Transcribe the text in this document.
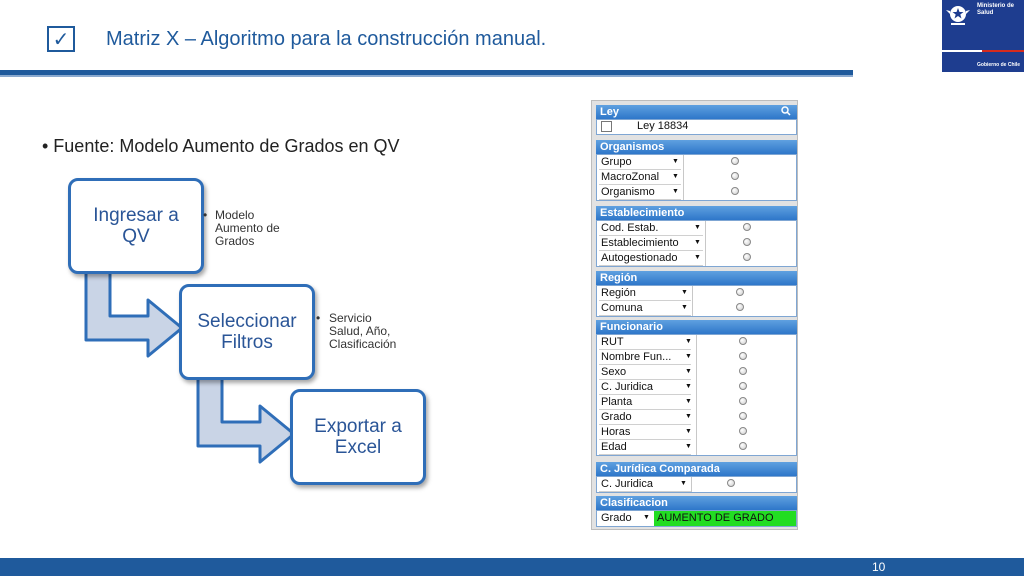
✓ Matriz X – Algoritmo para la construcción manual.
Ministerio de
Salud
Gobierno de Chile
• Fuente: Modelo Aumento de Grados en QV
Ingresar a QV
Seleccionar Filtros
Exportar a Excel
• Modelo Aumento de Grados
• Servicio Salud, Año, Clasificación
Ley
Ley 18834
Organismos
Grupo
MacroZonal
Organismo
▼
▼
▼
Establecimiento
Cod. Estab.
Establecimiento
Autogestionado
▼
▼
▼
Región
Región
Comuna
▼
▼
Funcionario
RUT
Nombre Fun...
Sexo
C. Juridica
Planta
Grado
Horas
Edad
▼
▼
▼
▼
▼
▼
▼
▼
C. Jurídica Comparada
C. Juridica	▼
Clasificacion
Grado	▼ AUMENTO DE GRADO
10
